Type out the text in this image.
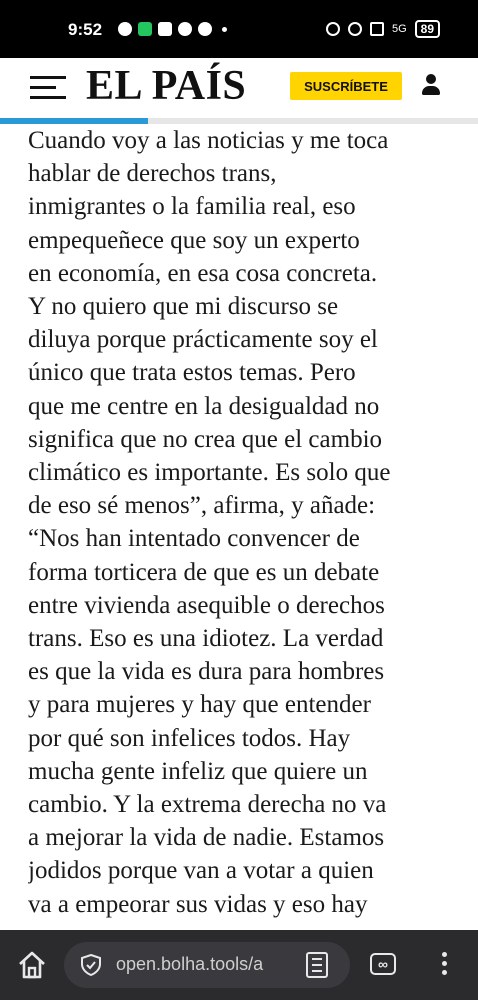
9:52	5G	89
EL PAÍS	SUSCRÍBETE

Cuando voy a las noticias y me toca
hablar de derechos trans,
inmigrantes o la familia real, eso
empequeñece que soy un experto
en economía, en esa cosa concreta.
Y no quiero que mi discurso se
diluya porque prácticamente soy el
único que trata estos temas. Pero
que me centre en la desigualdad no
significa que no crea que el cambio
climático es importante. Es solo que
de eso sé menos”, afirma, y añade:
“Nos han intentado convencer de
forma torticera de que es un debate
entre vivienda asequible o derechos
trans. Eso es una idiotez. La verdad
es que la vida es dura para hombres
y para mujeres y hay que entender
por qué son infelices todos. Hay
mucha gente infeliz que quiere un
cambio. Y la extrema derecha no va
a mejorar la vida de nadie. Estamos
jodidos porque van a votar a quien
va a empeorar sus vidas y eso hay

open.bolha.tools/a	∞
